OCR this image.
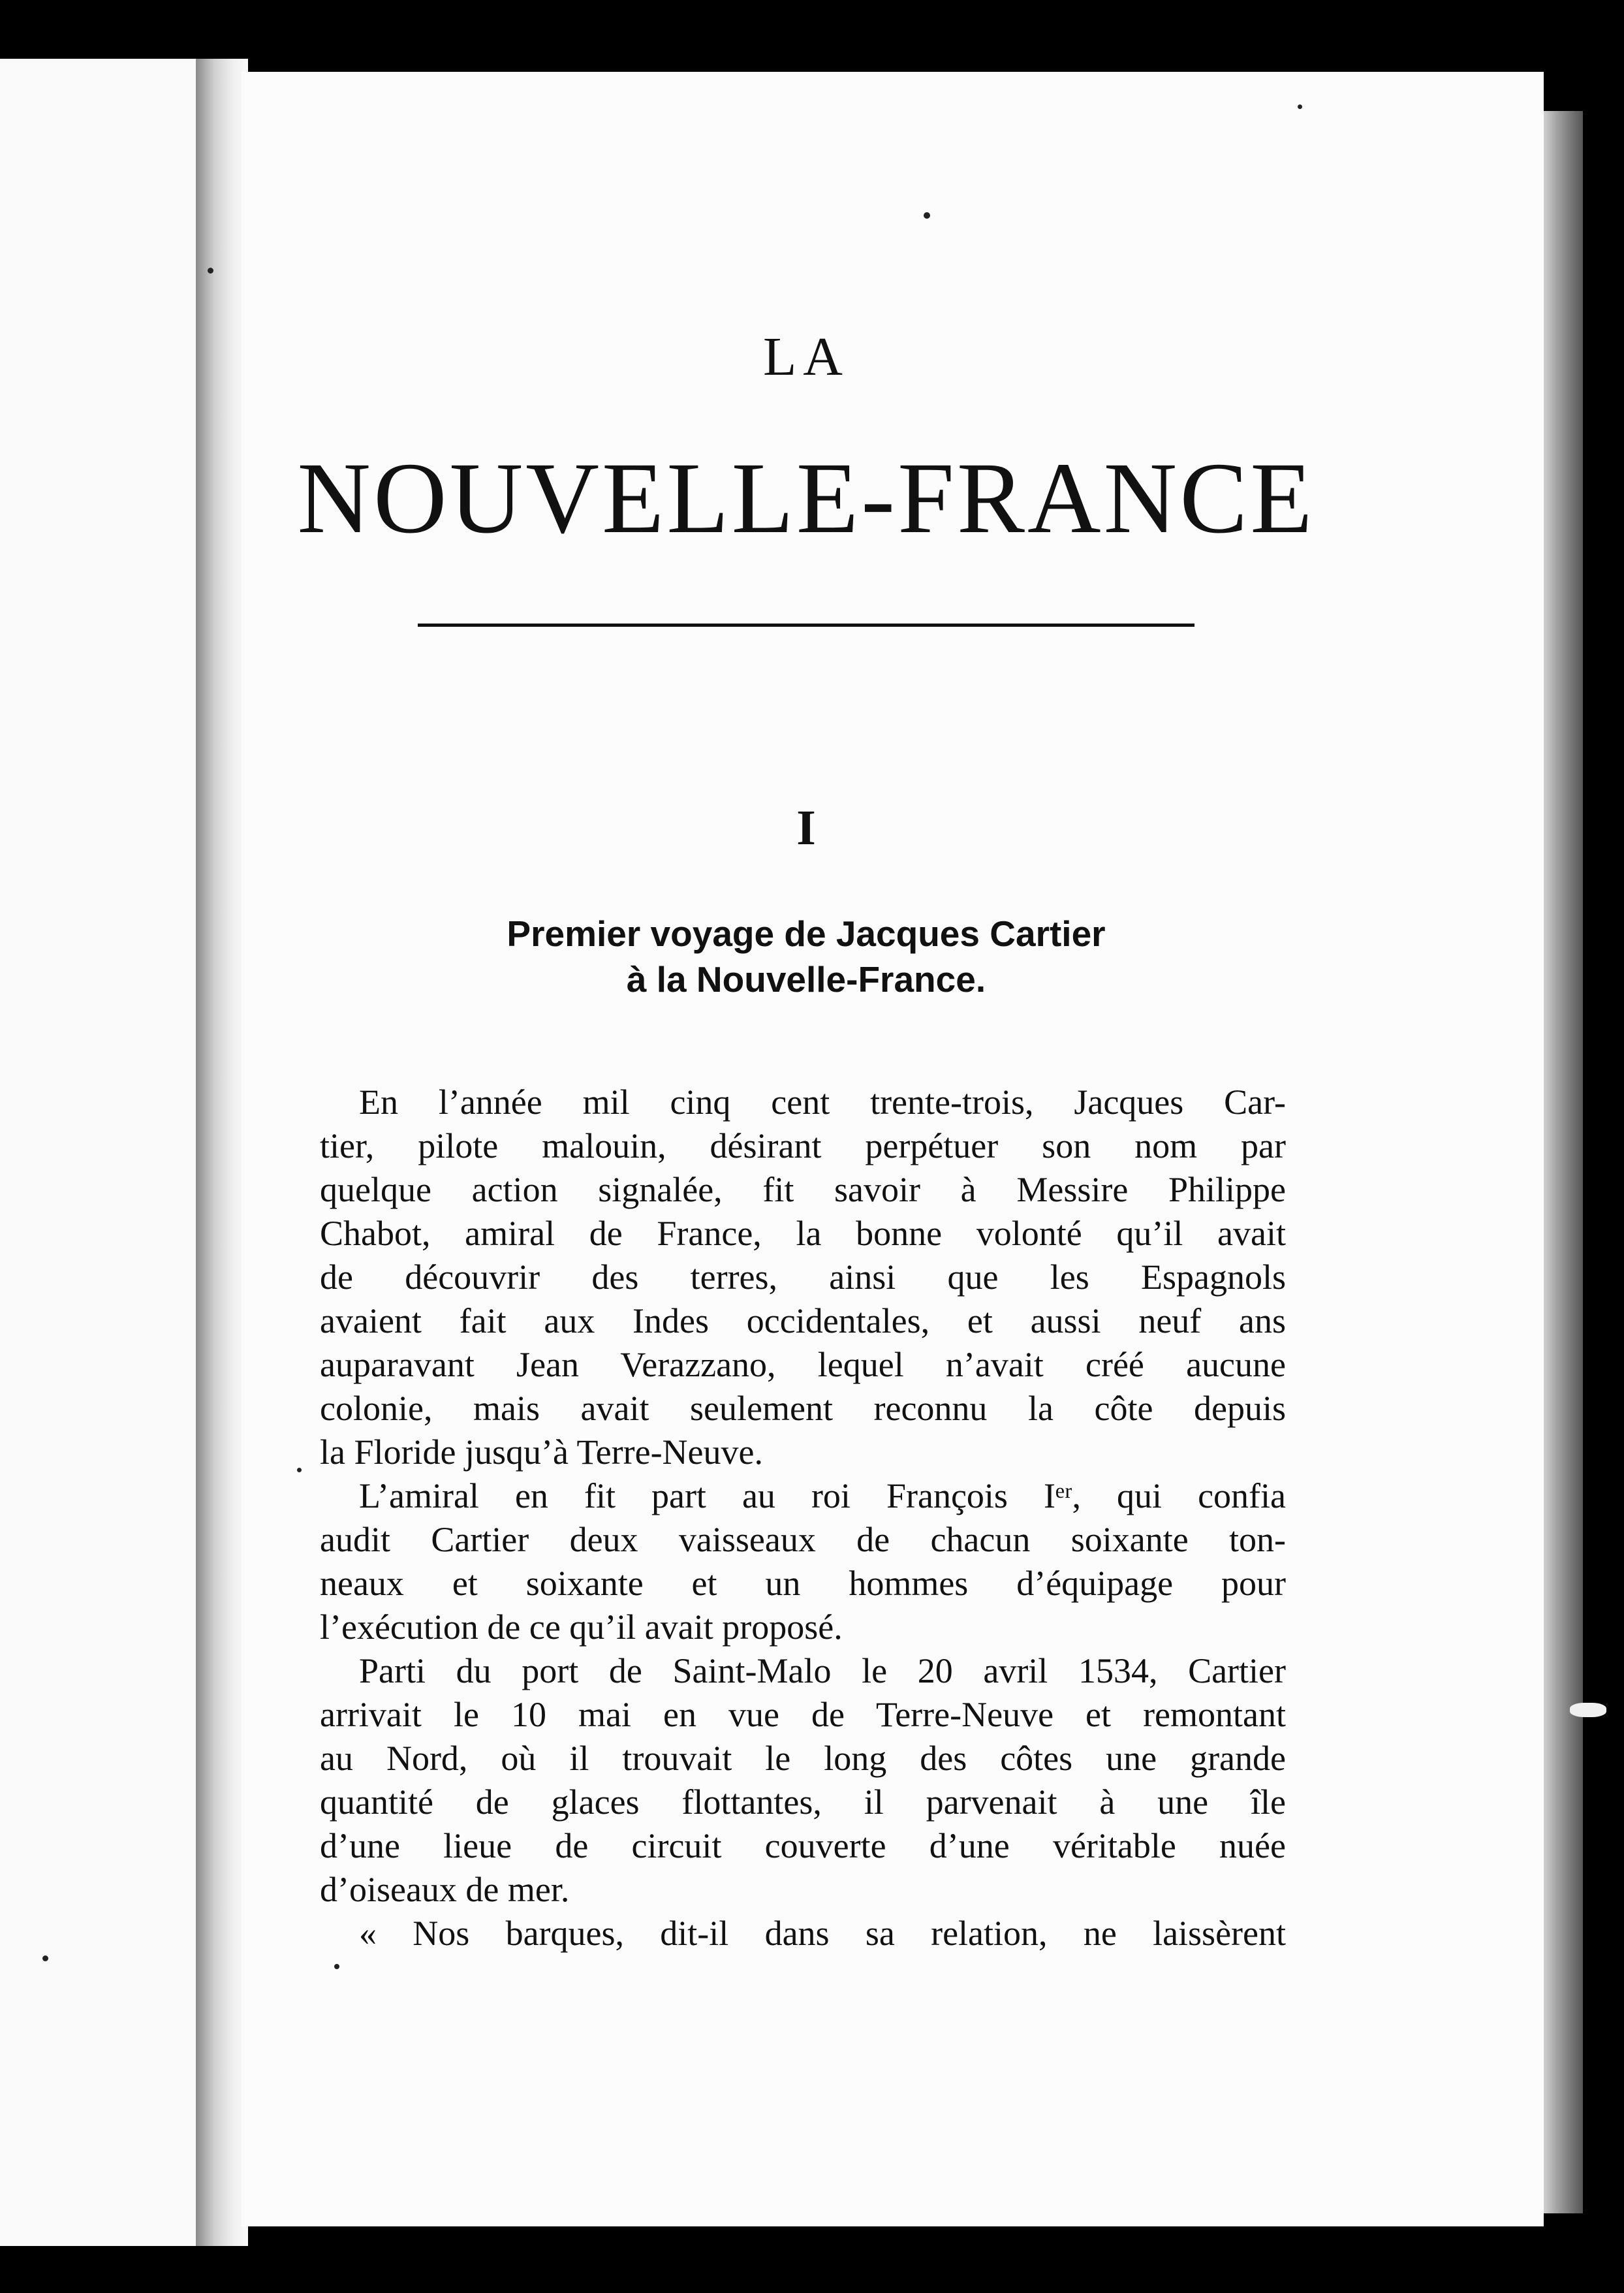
LA
NOUVELLE-FRANCE
I
Premier voyage de Jacques Cartier
à la Nouvelle-France.
En l’année mil cinq cent trente-trois, Jacques Car-
tier, pilote malouin, désirant perpétuer son nom par
quelque action signalée, fit savoir à Messire Philippe
Chabot, amiral de France, la bonne volonté qu’il avait
de découvrir des terres, ainsi que les Espagnols
avaient fait aux Indes occidentales, et aussi neuf ans
auparavant Jean Verazzano, lequel n’avait créé aucune
colonie, mais avait seulement reconnu la côte depuis
la Floride jusqu’à Terre-Neuve.
L’amiral en fit part au roi François Iᵉʳ, qui confia
audit Cartier deux vaisseaux de chacun soixante ton-
neaux et soixante et un hommes d’équipage pour
l’exécution de ce qu’il avait proposé.
Parti du port de Saint-Malo le 20 avril 1534, Cartier
arrivait le 10 mai en vue de Terre-Neuve et remontant
au Nord, où il trouvait le long des côtes une grande
quantité de glaces flottantes, il parvenait à une île
d’une lieue de circuit couverte d’une véritable nuée
d’oiseaux de mer.
« Nos barques, dit-il dans sa relation, ne laissèrent
